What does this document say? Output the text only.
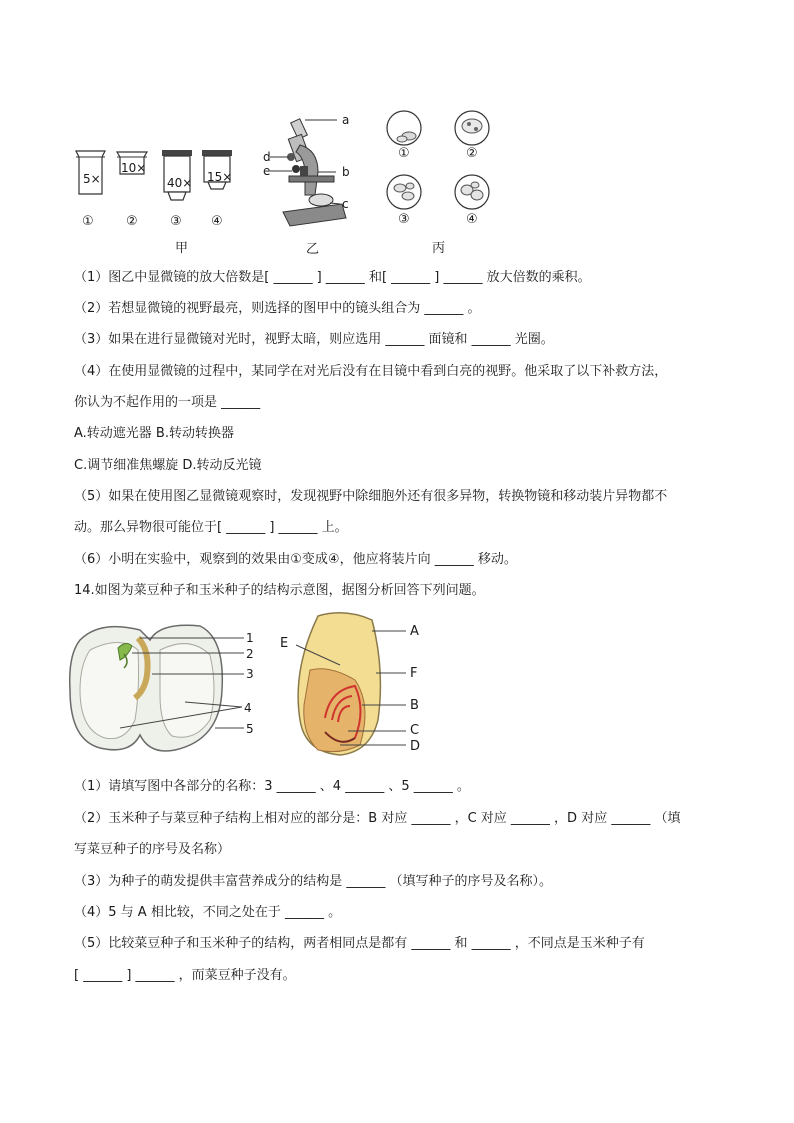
5×
10×
40× 15×
① ② ③ ④
甲	乙	丙
a
d
e	b
c
①	②
③	④
（1）图乙中显微镜的放大倍数是[ ______ ] ______ 和[ ______ ] ______ 放大倍数的乘积。
（2）若想显微镜的视野最亮，则选择的图甲中的镜头组合为 ______ 。
（3）如果在进行显微镜对光时，视野太暗，则应选用 ______ 面镜和 ______ 光圈。
（4）在使用显微镜的过程中，某同学在对光后没有在目镜中看到白亮的视野。他采取了以下补救方法，
你认为不起作用的一项是 ______
A.转动遮光器 B.转动转换器
C.调节细准焦螺旋 D.转动反光镜
（5）如果在使用图乙显微镜观察时，发现视野中除细胞外还有很多异物，转换物镜和移动装片异物都不
动。那么异物很可能位于[ ______ ] ______ 上。
（6）小明在实验中，观察到的效果由①变成④，他应将装片向 ______ 移动。
14.如图为菜豆种子和玉米种子的结构示意图，据图分析回答下列问题。
1
2
3
4
5
A
E
F
B
C
D
（1）请填写图中各部分的名称：3 ______ 、4 ______ 、5 ______ 。
（2）玉米种子与菜豆种子结构上相对应的部分是：B 对应 ______ ，C 对应 ______ ，D 对应 ______ （填
写菜豆种子的序号及名称）
（3）为种子的萌发提供丰富营养成分的结构是 ______ （填写种子的序号及名称）。
（4）5 与 A 相比较，不同之处在于 ______ 。
（5）比较菜豆种子和玉米种子的结构，两者相同点是都有 ______ 和 ______ ，不同点是玉米种子有
[ ______ ] ______ ，而菜豆种子没有。
